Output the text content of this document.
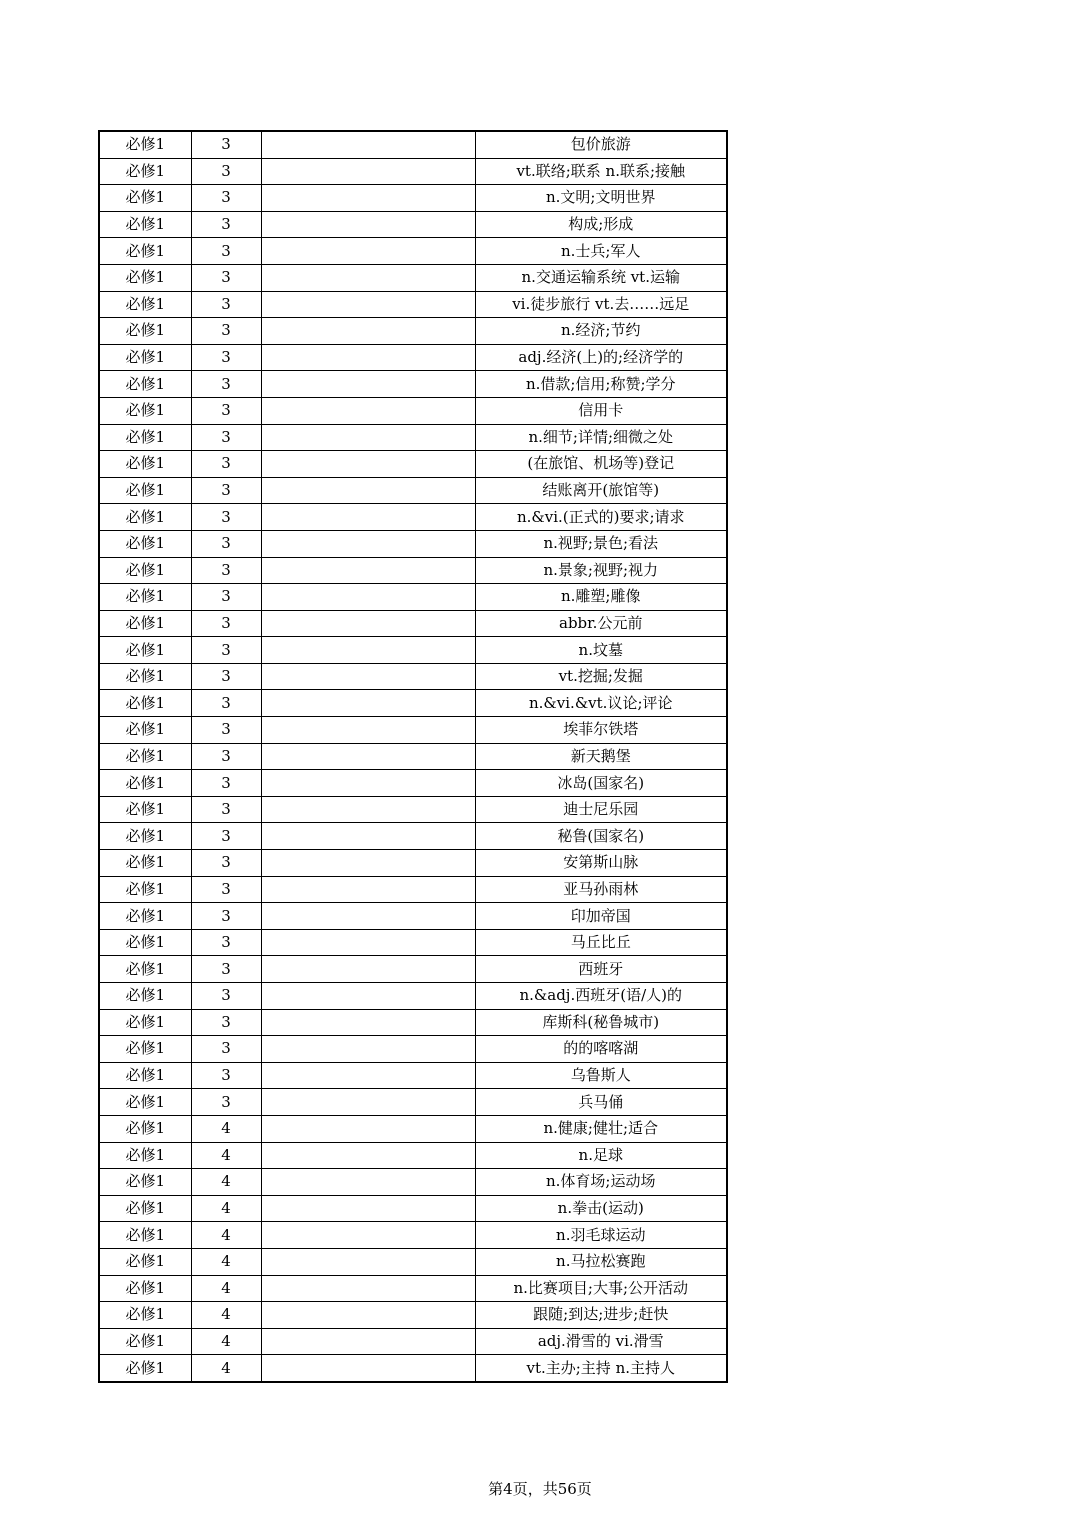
必修1	3		包价旅游
必修1	3		vt.联络;联系 n.联系;接触
必修1	3		n.文明;文明世界
必修1	3		构成;形成
必修1	3		n.士兵;军人
必修1	3		n.交通运输系统 vt.运输
必修1	3		vi.徒步旅行 vt.去……远足
必修1	3		n.经济;节约
必修1	3		adj.经济(上)的;经济学的
必修1	3		n.借款;信用;称赞;学分
必修1	3		信用卡
必修1	3		n.细节;详情;细微之处
必修1	3		(在旅馆、机场等)登记
必修1	3		结账离开(旅馆等)
必修1	3		n.&vi.(正式的)要求;请求
必修1	3		n.视野;景色;看法
必修1	3		n.景象;视野;视力
必修1	3		n.雕塑;雕像
必修1	3		abbr.公元前
必修1	3		n.坟墓
必修1	3		vt.挖掘;发掘
必修1	3		n.&vi.&vt.议论;评论
必修1	3		埃菲尔铁塔
必修1	3		新天鹅堡
必修1	3		冰岛(国家名)
必修1	3		迪士尼乐园
必修1	3		秘鲁(国家名)
必修1	3		安第斯山脉
必修1	3		亚马孙雨林
必修1	3		印加帝国
必修1	3		马丘比丘
必修1	3		西班牙
必修1	3		n.&adj.西班牙(语/人)的
必修1	3		库斯科(秘鲁城市)
必修1	3		的的喀喀湖
必修1	3		乌鲁斯人
必修1	3		兵马俑
必修1	4		n.健康;健壮;适合
必修1	4		n.足球
必修1	4		n.体育场;运动场
必修1	4		n.拳击(运动)
必修1	4		n.羽毛球运动
必修1	4		n.马拉松赛跑
必修1	4		n.比赛项目;大事;公开活动
必修1	4		跟随;到达;进步;赶快
必修1	4		adj.滑雪的 vi.滑雪
必修1	4		vt.主办;主持 n.主持人
第4页，共56页
